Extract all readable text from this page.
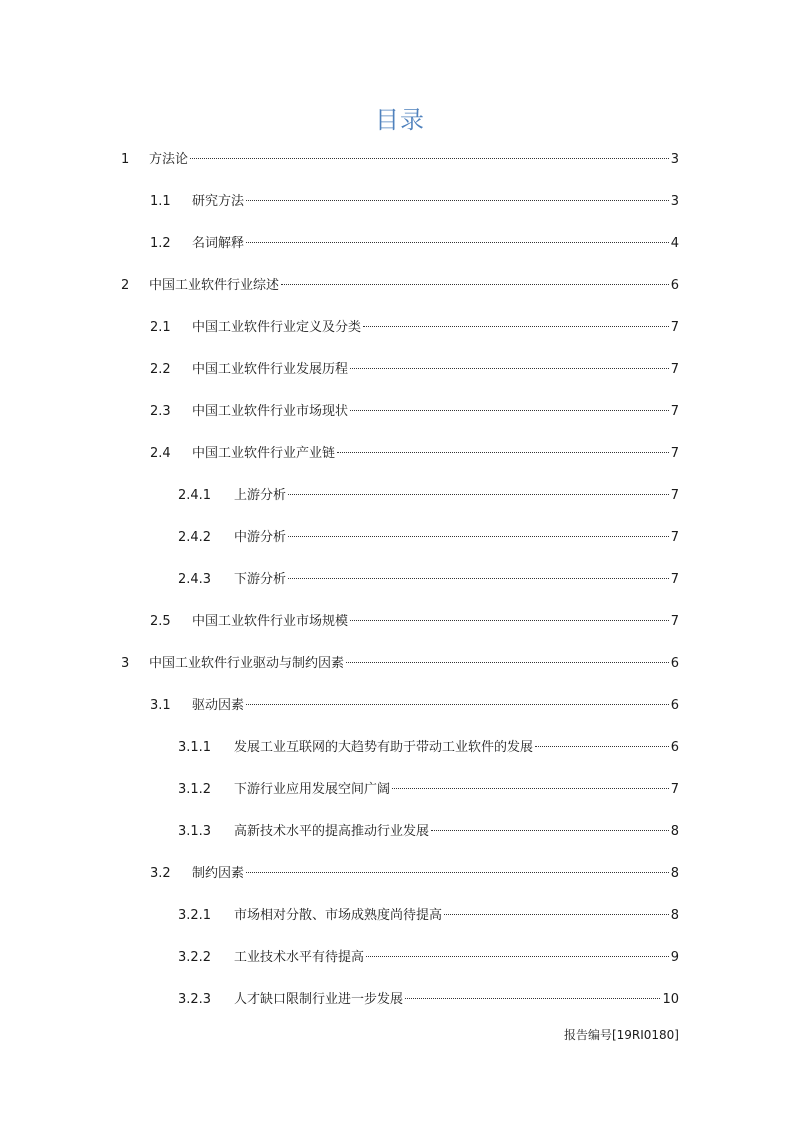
目录
1	方法论	3
1.1	研究方法	3
1.2	名词解释	4
2	中国工业软件行业综述	6
2.1	中国工业软件行业定义及分类	7
2.2	中国工业软件行业发展历程	7
2.3	中国工业软件行业市场现状	7
2.4	中国工业软件行业产业链	7
2.4.1	上游分析	7
2.4.2	中游分析	7
2.4.3	下游分析	7
2.5	中国工业软件行业市场规模	7
3	中国工业软件行业驱动与制约因素	6
3.1	驱动因素	6
3.1.1	发展工业互联网的大趋势有助于带动工业软件的发展	6
3.1.2	下游行业应用发展空间广阔	7
3.1.3	高新技术水平的提高推动行业发展	8
3.2	制约因素	8
3.2.1	市场相对分散、市场成熟度尚待提高	8
3.2.2	工业技术水平有待提高	9
3.2.3	人才缺口限制行业进一步发展	10
报告编号[19RI0180]
